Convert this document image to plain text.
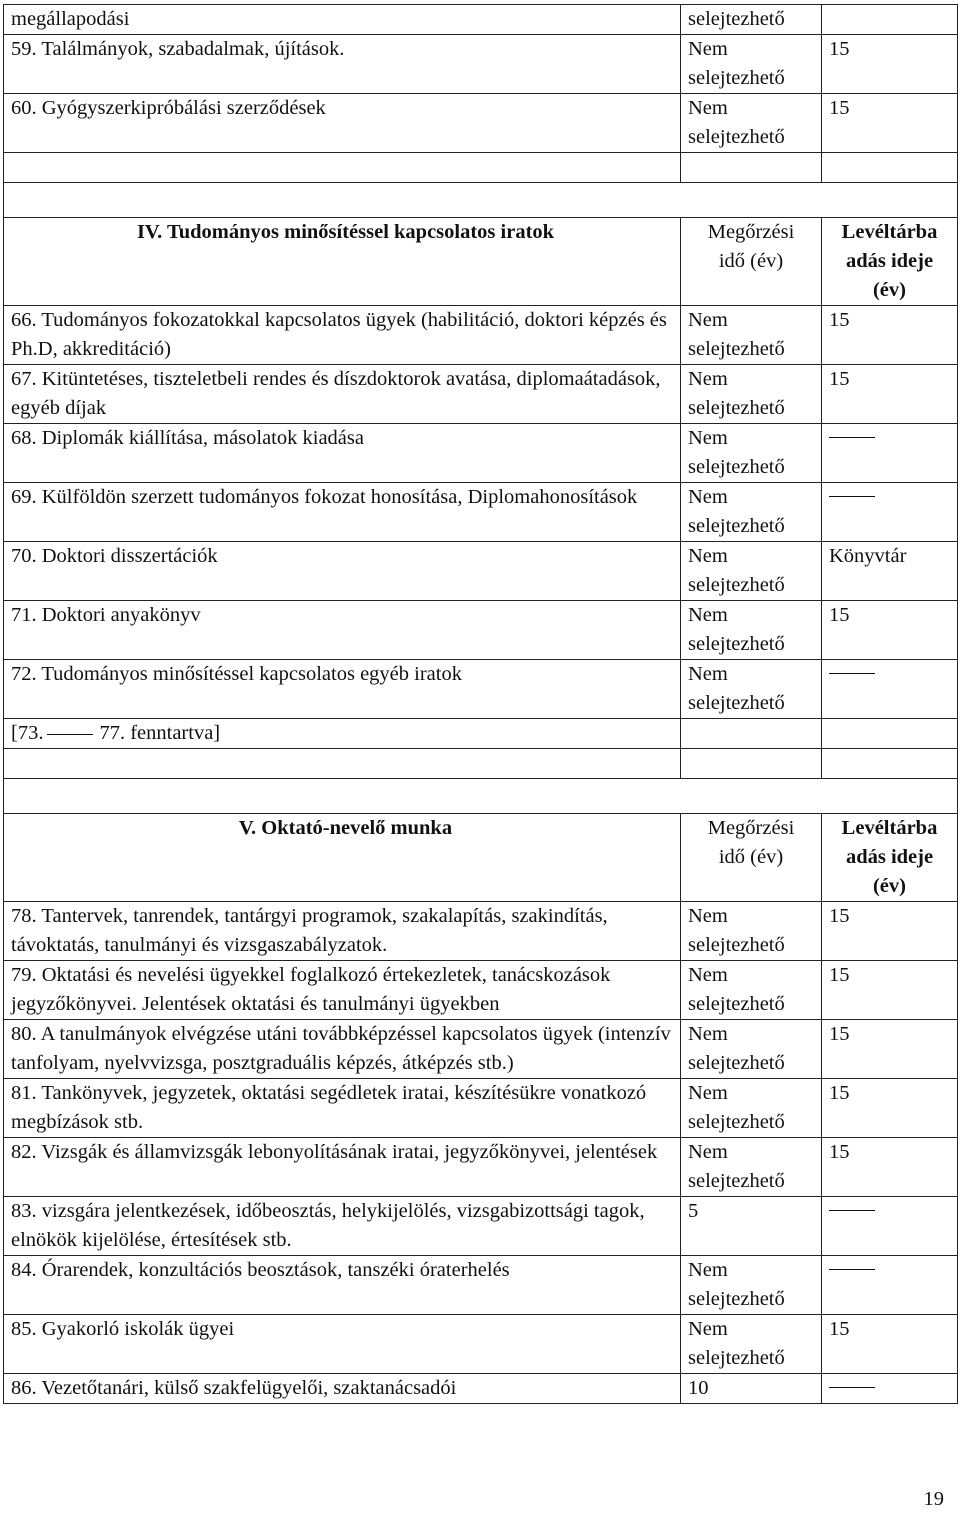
megállapodási	selejtezhető	
59. Találmányok, szabadalmak, újítások.	Nem selejtezhető	15
60. Gyógyszerkipróbálási szerződések	Nem selejtezhető	15

IV. Tudományos minősítéssel kapcsolatos iratok	Megőrzési idő (év)	Levéltárba adás ideje (év)
66. Tudományos fokozatokkal kapcsolatos ügyek (habilitáció, doktori képzés és Ph.D, akkreditáció)	Nem selejtezhető	15
67. Kitüntetéses, tiszteletbeli rendes és díszdoktorok avatása, diplomaátadások, egyéb díjak	Nem selejtezhető	15
68. Diplomák kiállítása, másolatok kiadása	Nem selejtezhető	
69. Külföldön szerzett tudományos fokozat honosítása, Diplomahonosítások	Nem selejtezhető	
70. Doktori disszertációk	Nem selejtezhető	Könyvtár
71. Doktori anyakönyv	Nem selejtezhető	15
72. Tudományos minősítéssel kapcsolatos egyéb iratok	Nem selejtezhető	
[73. 77. fenntartva]		

V. Oktató-nevelő munka	Megőrzési idő (év)	Levéltárba adás ideje (év)
78. Tantervek, tanrendek, tantárgyi programok, szakalapítás, szakindítás, távoktatás, tanulmányi és vizsgaszabályzatok.	Nem selejtezhető	15
79. Oktatási és nevelési ügyekkel foglalkozó értekezletek, tanácskozások jegyzőkönyvei. Jelentések oktatási és tanulmányi ügyekben	Nem selejtezhető	15
80. A tanulmányok elvégzése utáni továbbképzéssel kapcsolatos ügyek (intenzív tanfolyam, nyelvvizsga, posztgraduális képzés, átképzés stb.)	Nem selejtezhető	15
81. Tankönyvek, jegyzetek, oktatási segédletek iratai, készítésükre vonatkozó megbízások stb.	Nem selejtezhető	15
82. Vizsgák és államvizsgák lebonyolításának iratai, jegyzőkönyvei, jelentések	Nem selejtezhető	15
83. vizsgára jelentkezések, időbeosztás, helykijelölés, vizsgabizottsági tagok, elnökök kijelölése, értesítések stb.	5	
84. Órarendek, konzultációs beosztások, tanszéki óraterhelés	Nem selejtezhető	
85. Gyakorló iskolák ügyei	Nem selejtezhető	15
86. Vezetőtanári, külső szakfelügyelői, szaktanácsadói	10	
19
